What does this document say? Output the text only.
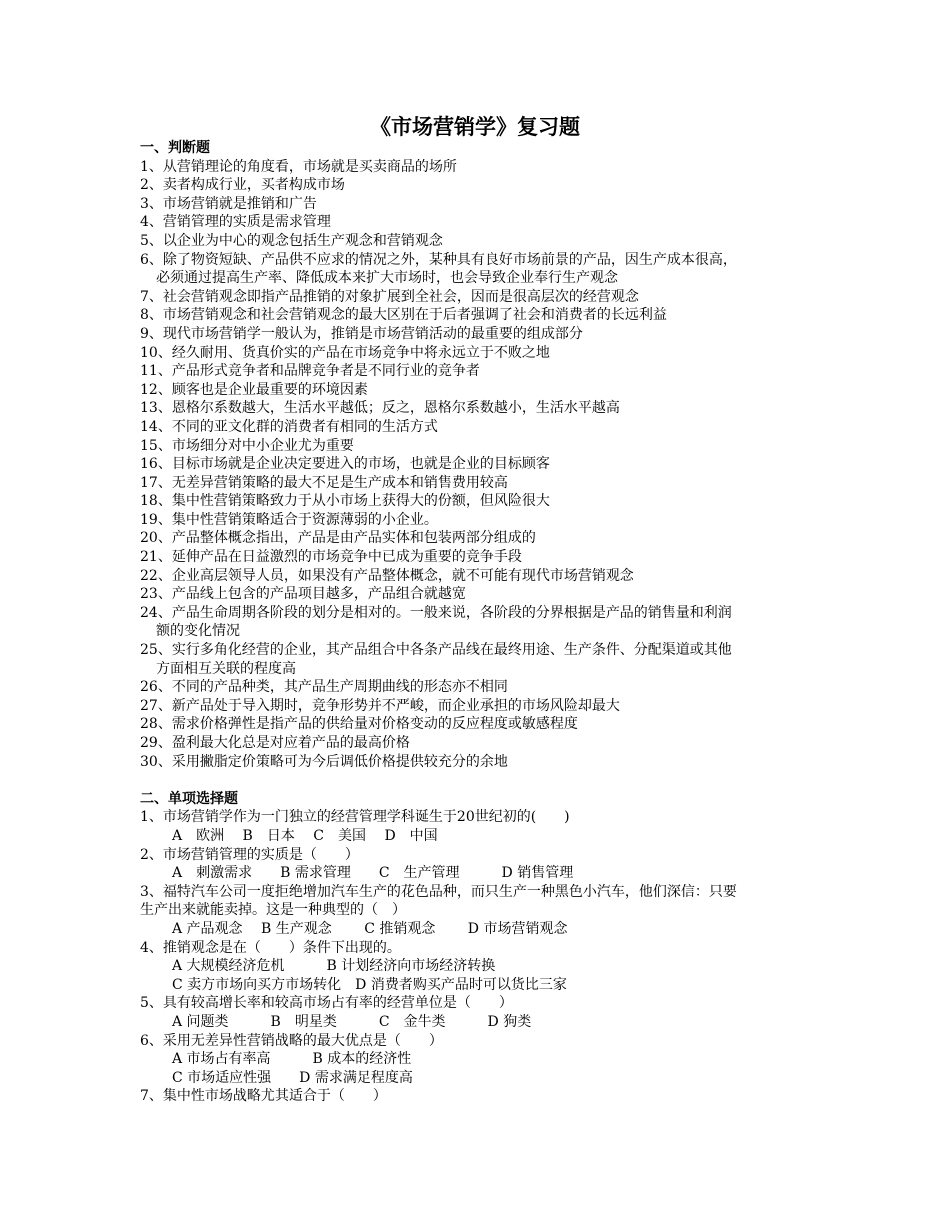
《市场营销学》复习题
一、判断题
1、从营销理论的角度看，市场就是买卖商品的场所
2、卖者构成行业，买者构成市场
3、市场营销就是推销和广告
4、营销管理的实质是需求管理
5、以企业为中心的观念包括生产观念和营销观念
6、除了物资短缺、产品供不应求的情况之外，某种具有良好市场前景的产品，因生产成本很高，
必须通过提高生产率、降低成本来扩大市场时，也会导致企业奉行生产观念
7、社会营销观念即指产品推销的对象扩展到全社会，因而是很高层次的经营观念
8、市场营销观念和社会营销观念的最大区别在于后者强调了社会和消费者的长远利益
9、现代市场营销学一般认为，推销是市场营销活动的最重要的组成部分
10、经久耐用、货真价实的产品在市场竞争中将永远立于不败之地
11、产品形式竞争者和品牌竞争者是不同行业的竞争者
12、顾客也是企业最重要的环境因素
13、恩格尔系数越大，生活水平越低；反之，恩格尔系数越小，生活水平越高
14、不同的亚文化群的消费者有相同的生活方式
15、市场细分对中小企业尤为重要
16、目标市场就是企业决定要进入的市场，也就是企业的目标顾客
17、无差异营销策略的最大不足是生产成本和销售费用较高
18、集中性营销策略致力于从小市场上获得大的份额，但风险很大
19、集中性营销策略适合于资源薄弱的小企业。
20、产品整体概念指出，产品是由产品实体和包装两部分组成的
21、延伸产品在日益激烈的市场竞争中已成为重要的竞争手段
22、企业高层领导人员，如果没有产品整体概念，就不可能有现代市场营销观念
23、产品线上包含的产品项目越多，产品组合就越宽
24、产品生命周期各阶段的划分是相对的。一般来说，各阶段的分界根据是产品的销售量和利润
额的变化情况
25、实行多角化经营的企业，其产品组合中各条产品线在最终用途、生产条件、分配渠道或其他
方面相互关联的程度高
26、不同的产品种类，其产品生产周期曲线的形态亦不相同
27、新产品处于导入期时，竞争形势并不严峻，而企业承担的市场风险却最大
28、需求价格弹性是指产品的供给量对价格变动的反应程度或敏感程度
29、盈利最大化总是对应着产品的最高价格
30、采用撇脂定价策略可为今后调低价格提供较充分的余地
二、单项选择题
1、市场营销学作为一门独立的经营管理学科诞生于20世纪初的(　　)
A　欧洲　 B　日本　 C　美国　 D　中国
2、市场营销管理的实质是（　　）
A　刺激需求　　B 需求管理　　C　生产管理　　　D 销售管理
3、福特汽车公司一度拒绝增加汽车生产的花色品种，而只生产一种黑色小汽车，他们深信：只要
生产出来就能卖掉。这是一种典型的（　）
A 产品观念　 B 生产观念　　 C 推销观念　　 D 市场营销观念
4、推销观念是在（　　）条件下出现的。
A 大规模经济危机　　　B 计划经济向市场经济转换
C 卖方市场向买方市场转化　D 消费者购买产品时可以货比三家
5、具有较高增长率和较高市场占有率的经营单位是（　　）
A 问题类　　　B　明星类　　　C　金牛类　　　D 狗类
6、采用无差异性营销战略的最大优点是（　　）
A 市场占有率高　　　B 成本的经济性
C 市场适应性强　　D 需求满足程度高
7、集中性市场战略尤其适合于（　　）
